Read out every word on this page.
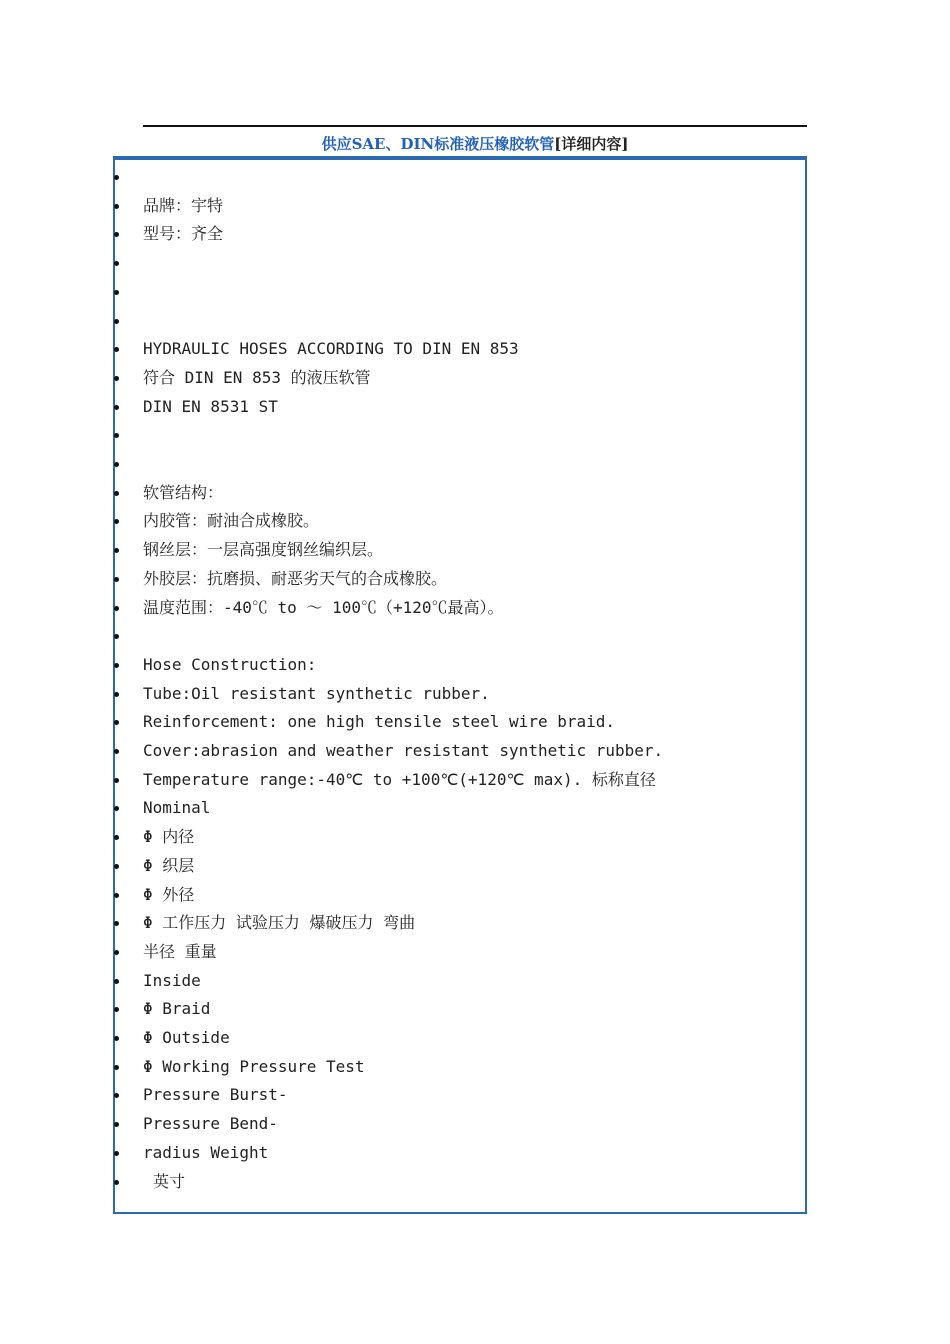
供应SAE、DIN标准液压橡胶软管[详细内容]
品牌：宇特
型号：齐全
HYDRAULIC HOSES ACCORDING TO DIN EN 853
符合 DIN EN 853 的液压软管
DIN EN 8531 ST
软管结构：
内胶管：耐油合成橡胶。
钢丝层：一层高强度钢丝编织层。
外胶层：抗磨损、耐恶劣天气的合成橡胶。
温度范围：-40℃ to ～ 100℃（+120℃最高）。
Hose Construction:
Tube:Oil resistant synthetic rubber.
Reinforcement: one high tensile steel wire braid.
Cover:abrasion and weather resistant synthetic rubber.
Temperature range:-40℃ to +100℃(+120℃ max). 标称直径
Nominal
Φ 内径
Φ 织层
Φ 外径
Φ 工作压力 试验压力 爆破压力 弯曲
半径 重量
Inside
Φ Braid
Φ Outside
Φ Working Pressure Test
Pressure Burst-
Pressure Bend-
radius Weight
英寸
